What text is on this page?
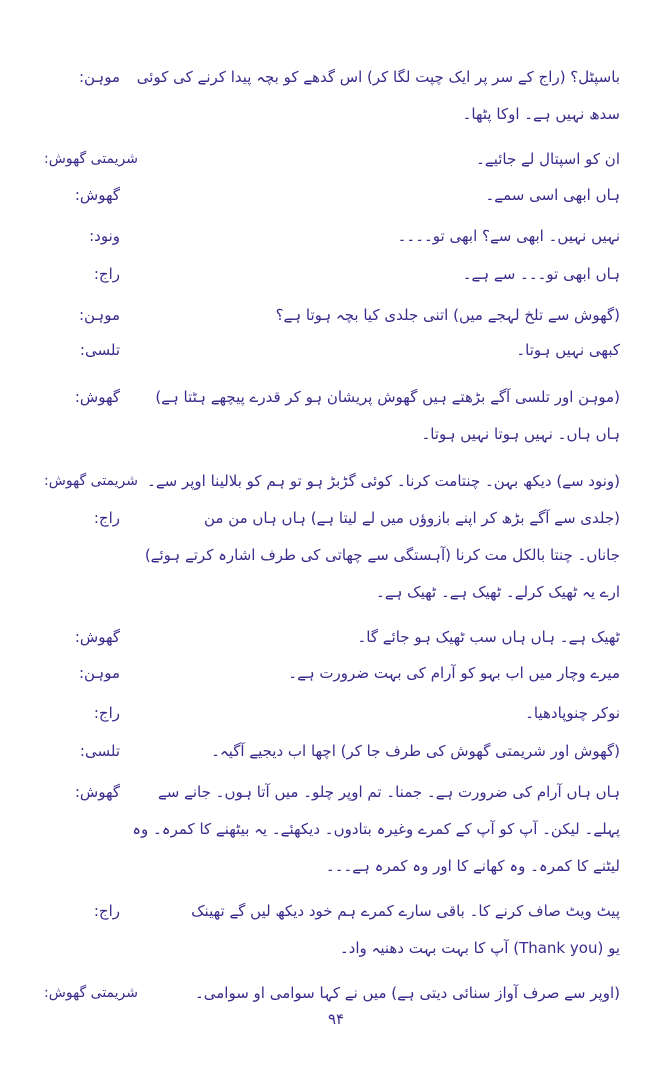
موہن:	باسپٹل؟ (راج کے سر پر ایک چپت لگا کر) اس گدھے کو بچہ پیدا کرنے کی کوئی
سدھ نہیں ہے۔ اوکا پٹھا۔
شریمتی گھوش:	ان کو اسپتال لے جائیے۔
گھوش:	ہاں ابھی اسی سمے۔
ونود:	نہیں نہیں۔ ابھی سے؟ ابھی تو۔۔۔۔
راج:	ہاں ابھی تو۔۔۔ سے ہے۔
موہن:	(گھوش سے تلخ لہجے میں) اتنی جلدی کیا بچہ ہوتا ہے؟
تلسی:	کبھی نہیں ہوتا۔
گھوش:	(موہن اور تلسی آگے بڑھتے ہیں گھوش پریشان ہو کر قدرے پیچھے ہٹتا ہے)
ہاں ہاں۔ نہیں ہوتا نہیں ہوتا۔
شریمتی گھوش: (ونود سے) دیکھ بہن۔ چنتامت کرنا۔ کوئی گڑبڑ ہو تو ہم کو بلالینا اوپر سے۔
راج:	(جلدی سے آگے بڑھ کر اپنے بازوؤں میں لے لیتا ہے) ہاں ہاں من من
جاناں۔ چنتا بالکل مت کرنا (آہستگی سے چھاتی کی طرف اشارہ کرتے ہوئے)
ارے یہ ٹھیک کرلے۔ ٹھیک ہے۔ ٹھیک ہے۔
گھوش:	ٹھیک ہے۔ ہاں ہاں سب ٹھیک ہو جائے گا۔
موہن:	میرے وچار میں اب بہو کو آرام کی بہت ضرورت ہے۔
راج:	نوکر چنوپادھیا۔
تلسی:	(گھوش اور شریمتی گھوش کی طرف جا کر) اچھا اب دیجیے آگیہ۔
گھوش:	ہاں ہاں آرام کی ضرورت ہے۔ جمنا۔ تم اوپر چلو۔ میں آتا ہوں۔ جانے سے
پہلے۔ لیکن۔ آپ کو آپ کے کمرے وغیرہ بتادوں۔ دیکھئے۔ یہ بیٹھنے کا کمرہ۔ وہ
لیٹنے کا کمرہ۔ وہ کھانے کا اور وہ کمرہ ہے۔۔۔
راج:	پیٹ ویٹ صاف کرنے کا۔ باقی سارے کمرے ہم خود دیکھ لیں گے تھینک
یو (Thank you) آپ کا بہت بہت دھنیہ واد۔
شریمتی گھوش:	(اوپر سے صرف آواز سنائی دیتی ہے) میں نے کہا سوامی او سوامی۔
۹۴
